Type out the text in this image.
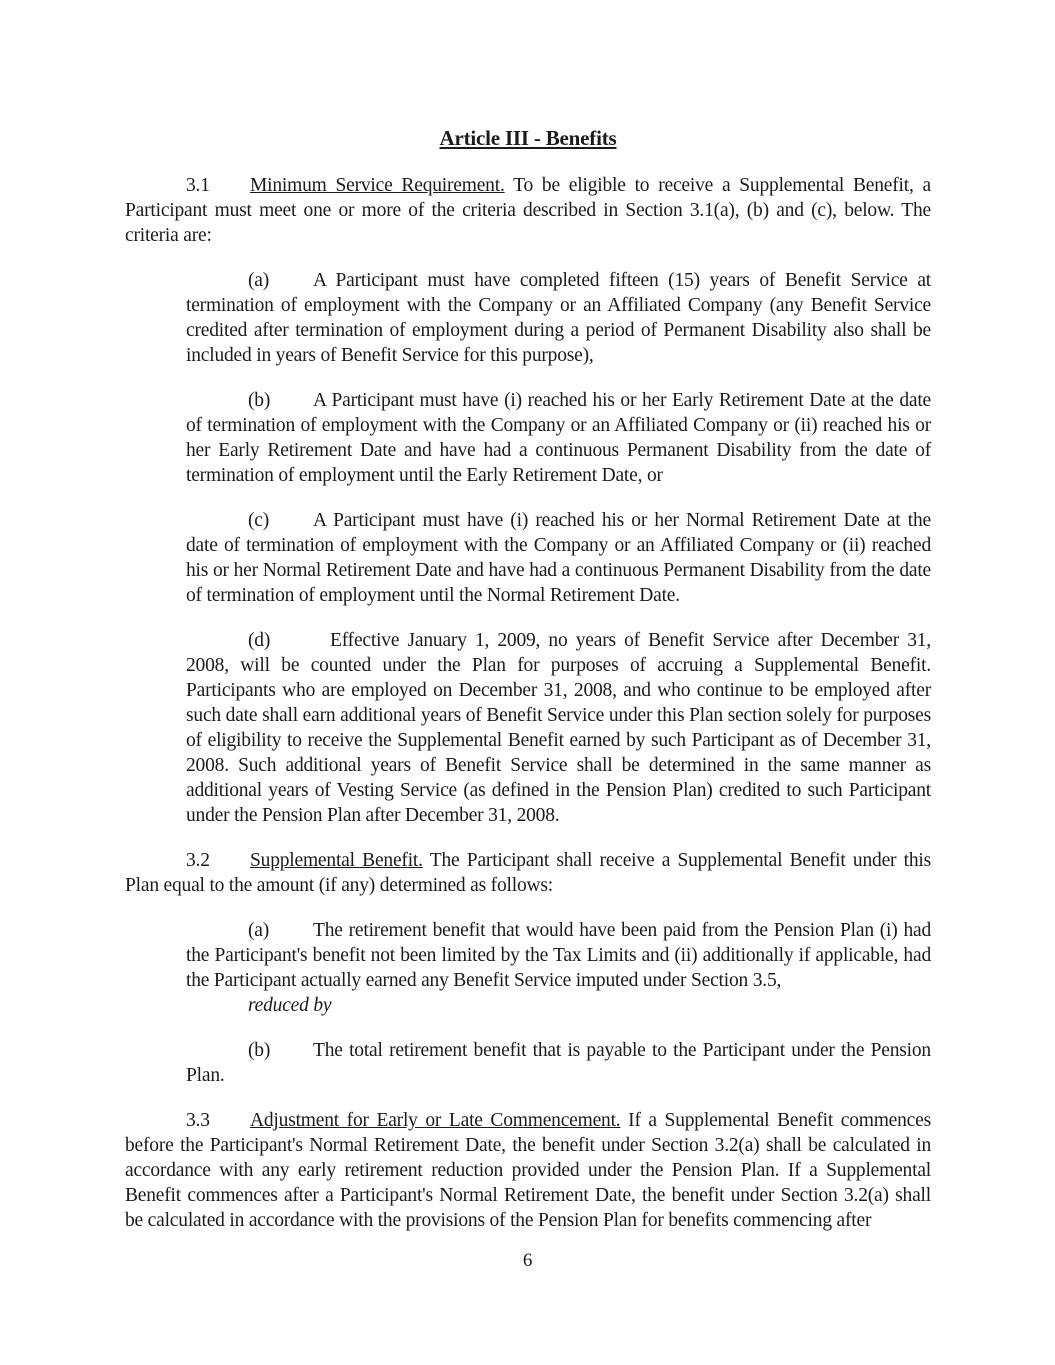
Article III - Benefits

3.1 Minimum Service Requirement. To be eligible to receive a Supplemental Benefit, a Participant must meet one or more of the criteria described in Section 3.1(a), (b) and (c), below. The criteria are:

(a) A Participant must have completed fifteen (15) years of Benefit Service at termination of employment with the Company or an Affiliated Company (any Benefit Service credited after termination of employment during a period of Permanent Disability also shall be included in years of Benefit Service for this purpose),

(b) A Participant must have (i) reached his or her Early Retirement Date at the date of termination of employment with the Company or an Affiliated Company or (ii) reached his or her Early Retirement Date and have had a continuous Permanent Disability from the date of termination of employment until the Early Retirement Date, or

(c) A Participant must have (i) reached his or her Normal Retirement Date at the date of termination of employment with the Company or an Affiliated Company or (ii) reached his or her Normal Retirement Date and have had a continuous Permanent Disability from the date of termination of employment until the Normal Retirement Date.

(d)	Effective January 1, 2009, no years of Benefit Service after December 31, 2008, will be counted under the Plan for purposes of accruing a Supplemental Benefit. Participants who are employed on December 31, 2008, and who continue to be employed after such date shall earn additional years of Benefit Service under this Plan section solely for purposes of eligibility to receive the Supplemental Benefit earned by such Participant as of December 31, 2008. Such additional years of Benefit Service shall be determined in the same manner as additional years of Vesting Service (as defined in the Pension Plan) credited to such Participant under the Pension Plan after December 31, 2008.

3.2 Supplemental Benefit. The Participant shall receive a Supplemental Benefit under this Plan equal to the amount (if any) determined as follows:

(a) The retirement benefit that would have been paid from the Pension Plan (i) had the Participant's benefit not been limited by the Tax Limits and (ii) additionally if applicable, had the Participant actually earned any Benefit Service imputed under Section 3.5,
reduced by

(b) The total retirement benefit that is payable to the Participant under the Pension Plan.

3.3 Adjustment for Early or Late Commencement. If a Supplemental Benefit commences before the Participant's Normal Retirement Date, the benefit under Section 3.2(a) shall be calculated in accordance with any early retirement reduction provided under the Pension Plan. If a Supplemental Benefit commences after a Participant's Normal Retirement Date, the benefit under Section 3.2(a) shall be calculated in accordance with the provisions of the Pension Plan for benefits commencing after

6
